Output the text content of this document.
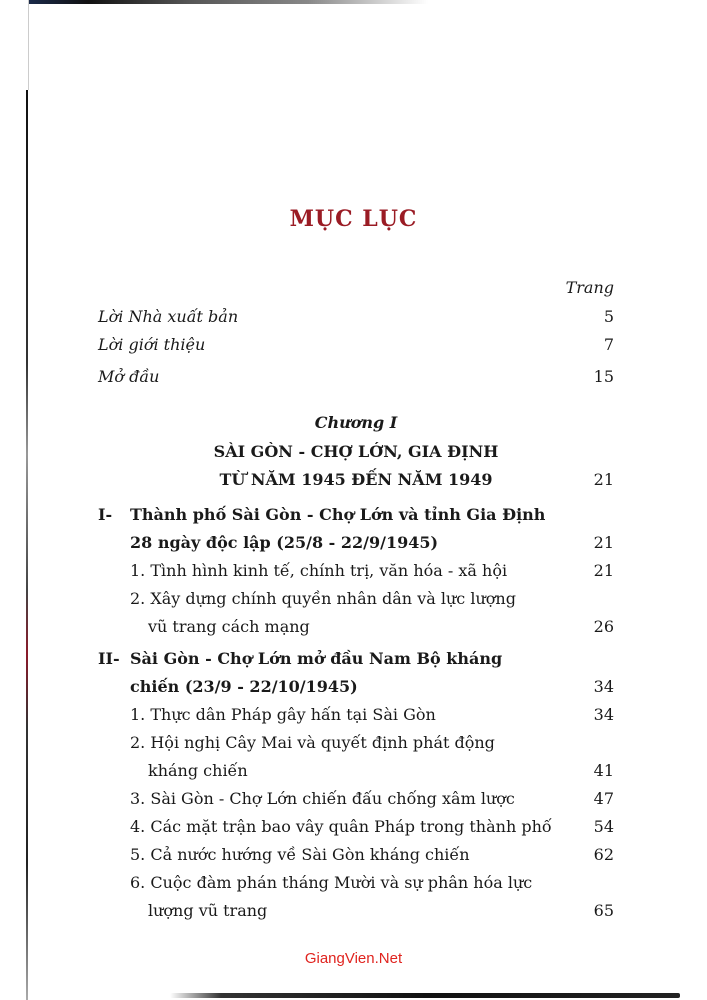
MỤC LỤC
Trang
Lời Nhà xuất bản	5
Lời giới thiệu	7
Mở đầu	15
Chương I
SÀI GÒN - CHỢ LỚN, GIA ĐỊNH
TỪ NĂM 1945 ĐẾN NĂM 1949	21
I- Thành phố Sài Gòn - Chợ Lớn và tỉnh Gia Định
28 ngày độc lập (25/8 - 22/9/1945)	21
1. Tình hình kinh tế, chính trị, văn hóa - xã hội	21
2. Xây dựng chính quyền nhân dân và lực lượng
vũ trang cách mạng	26
II- Sài Gòn - Chợ Lớn mở đầu Nam Bộ kháng
chiến (23/9 - 22/10/1945)	34
1. Thực dân Pháp gây hấn tại Sài Gòn	34
2. Hội nghị Cây Mai và quyết định phát động
kháng chiến	41
3. Sài Gòn - Chợ Lớn chiến đấu chống xâm lược	47
4. Các mặt trận bao vây quân Pháp trong thành phố	54
5. Cả nước hướng về Sài Gòn kháng chiến	62
6. Cuộc đàm phán tháng Mười và sự phân hóa lực
lượng vũ trang	65
GiangVien.Net
